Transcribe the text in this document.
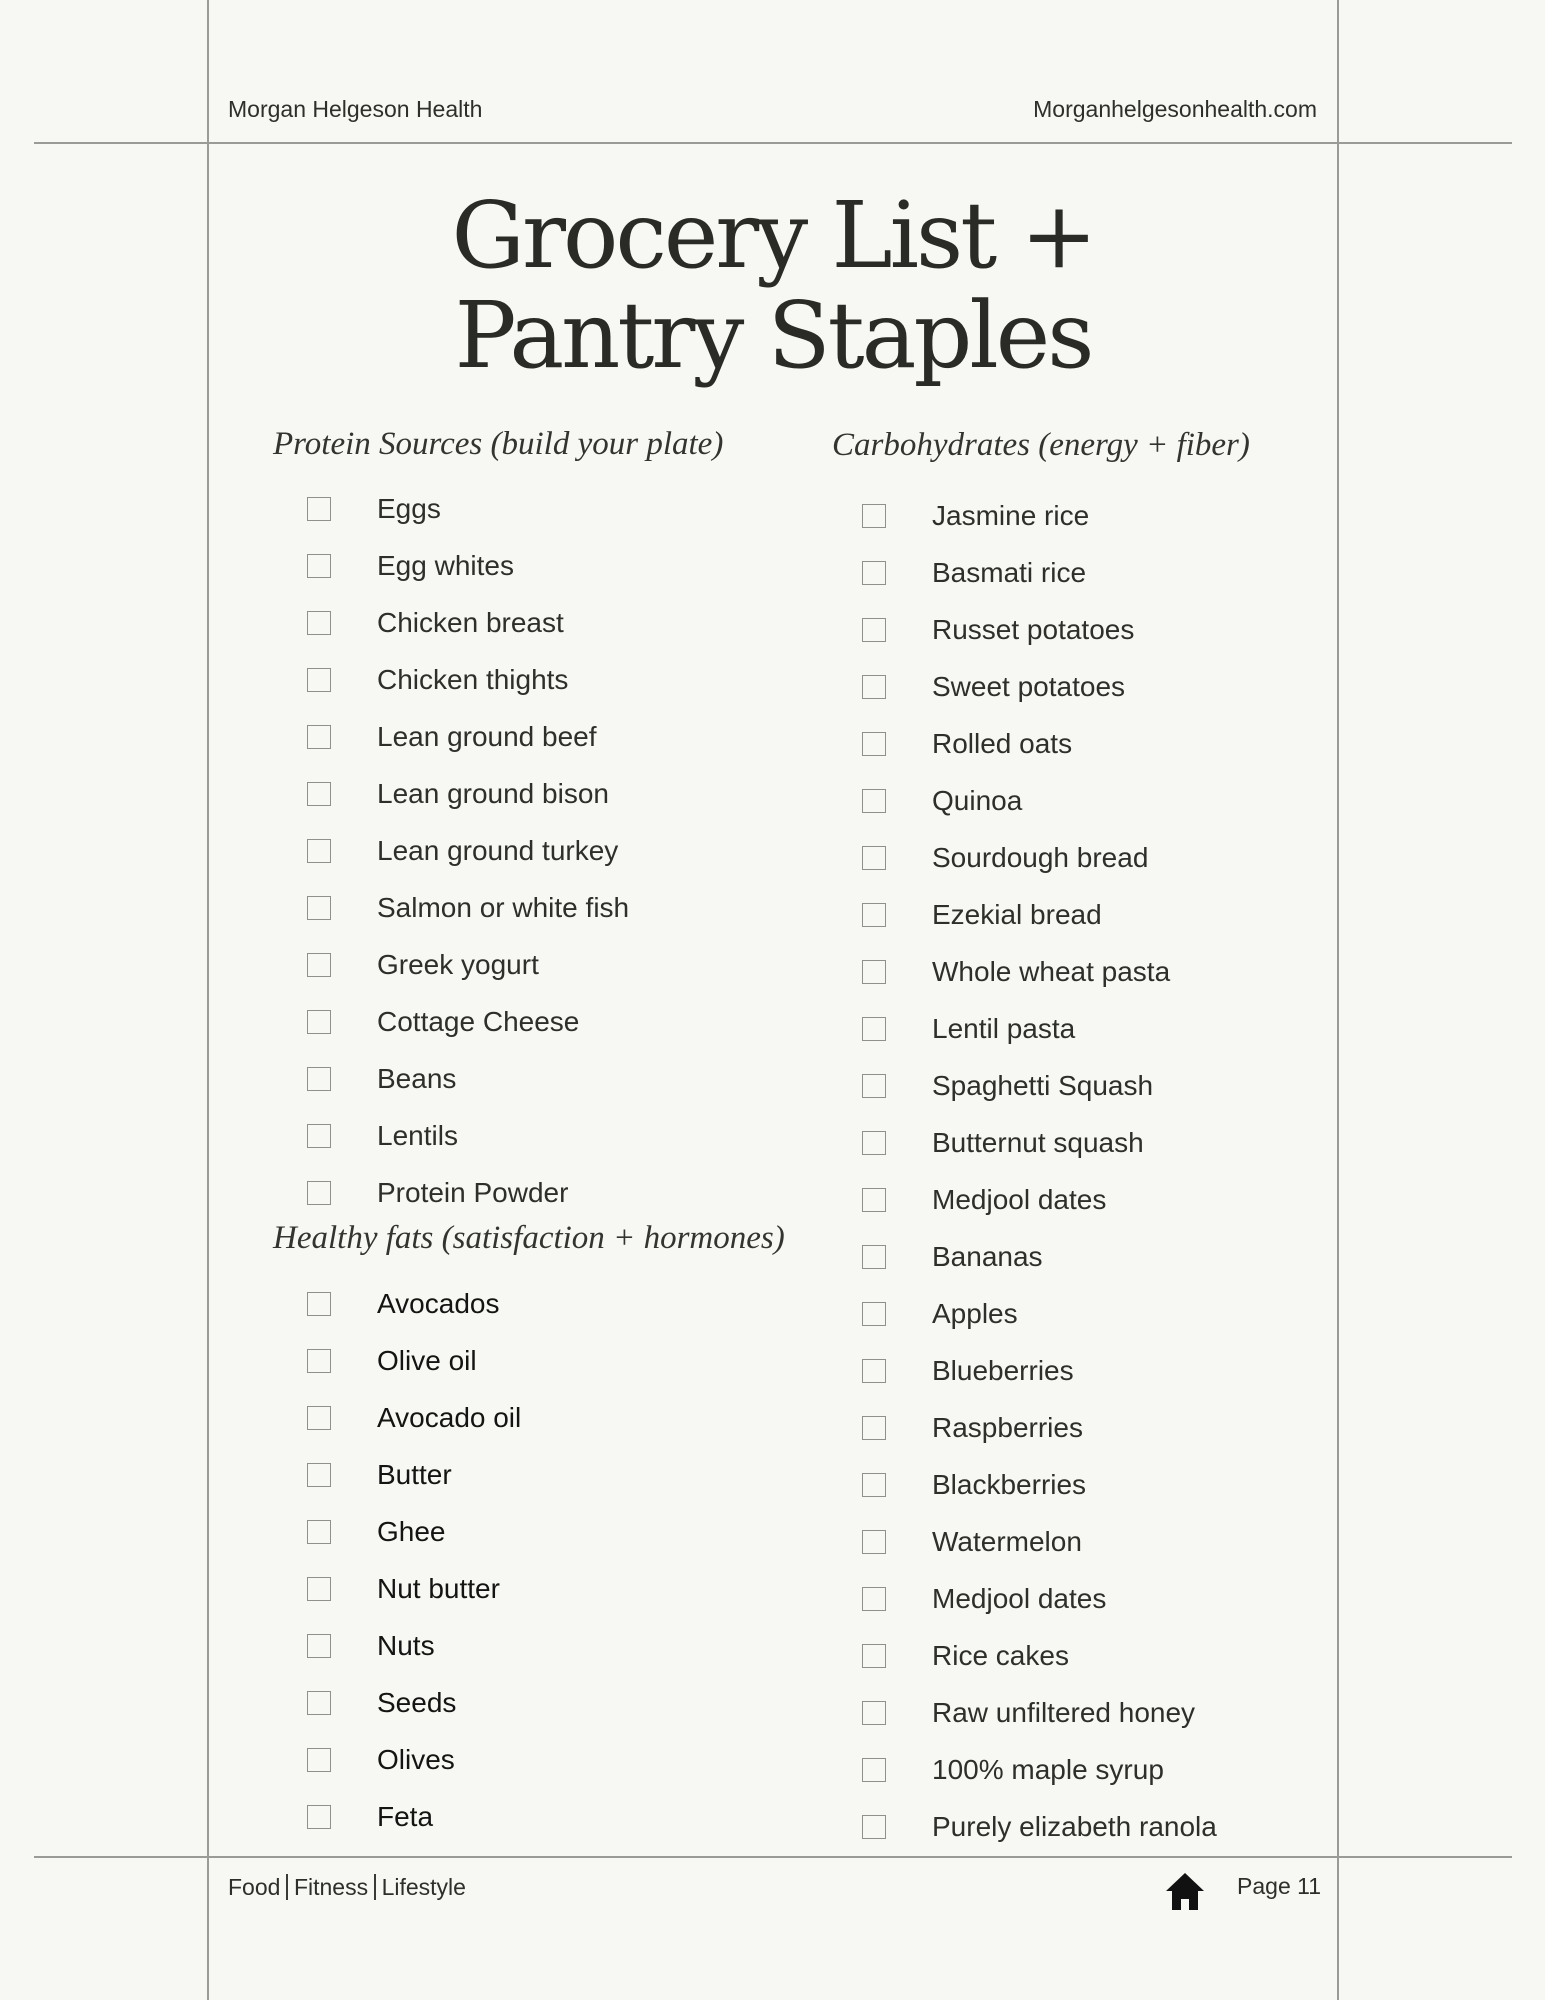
Morgan Helgeson Health	Morganhelgesonhealth.com
Grocery List +
Pantry Staples
Protein Sources (build your plate)
Healthy fats (satisfaction + hormones)
Carbohydrates (energy + fiber)
Eggs
Egg whites
Chicken breast
Chicken thights
Lean ground beef
Lean ground bison
Lean ground turkey
Salmon or white fish
Greek yogurt
Cottage Cheese
Beans
Lentils
Protein Powder
Avocados
Olive oil
Avocado oil
Butter
Ghee
Nut butter
Nuts
Seeds
Olives
Feta
Jasmine rice
Basmati rice
Russet potatoes
Sweet potatoes
Rolled oats
Quinoa
Sourdough bread
Ezekial bread
Whole wheat pasta
Lentil pasta
Spaghetti Squash
Butternut squash
Medjool dates
Bananas
Apples
Blueberries
Raspberries
Blackberries
Watermelon
Medjool dates
Rice cakes
Raw unfiltered honey
100% maple syrup
Purely elizabeth ranola
Food Fitness Lifestyle	Page 11
